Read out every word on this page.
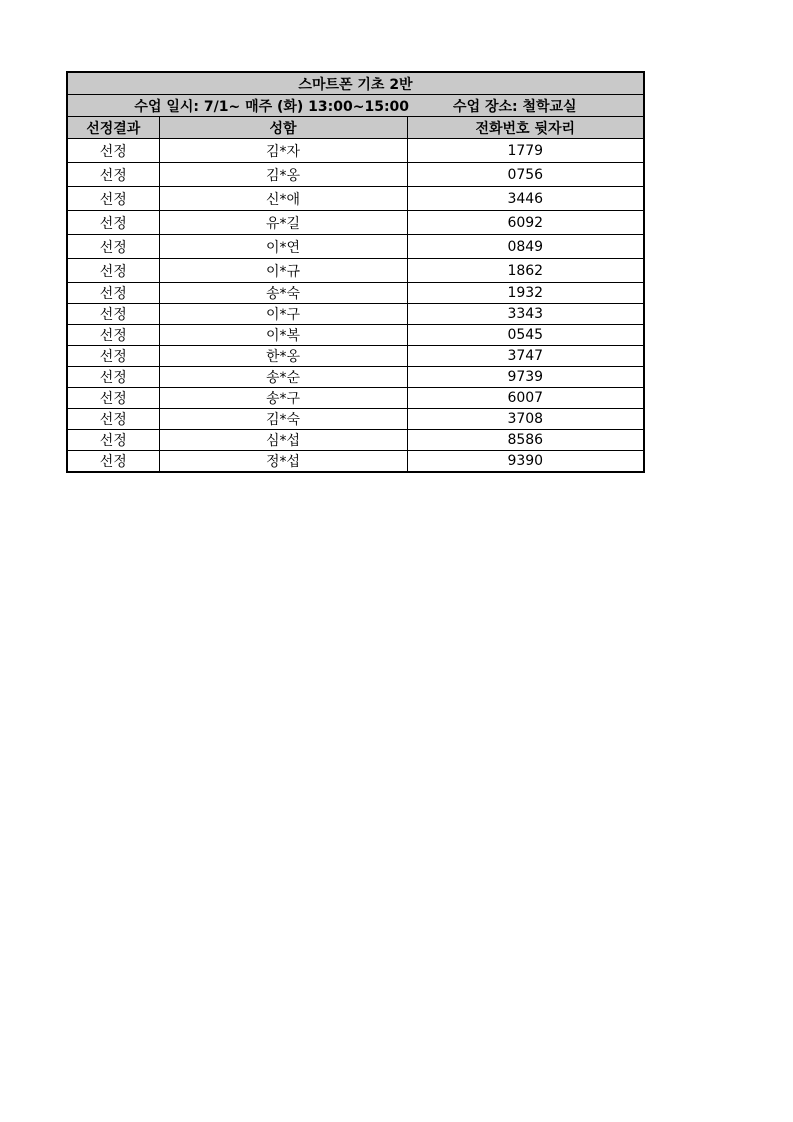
스마트폰 기초 2반		

수업 일시: 7/1~ 매주 (화) 13:00~15:00 수업 장소: 철학교실		

선정결과	성함	전화번호 뒷자리
선정	김*자	1779
선정	김*옹	0756
선정	신*애	3446
선정	유*길	6092
선정	이*연	0849
선정	이*규	1862
선정	송*숙	1932
선정	이*구	3343
선정	이*복	0545
선정	한*옹	3747
선정	송*순	9739
선정	송*구	6007
선정	김*숙	3708
선정	심*섭	8586
선정	정*섭	9390
